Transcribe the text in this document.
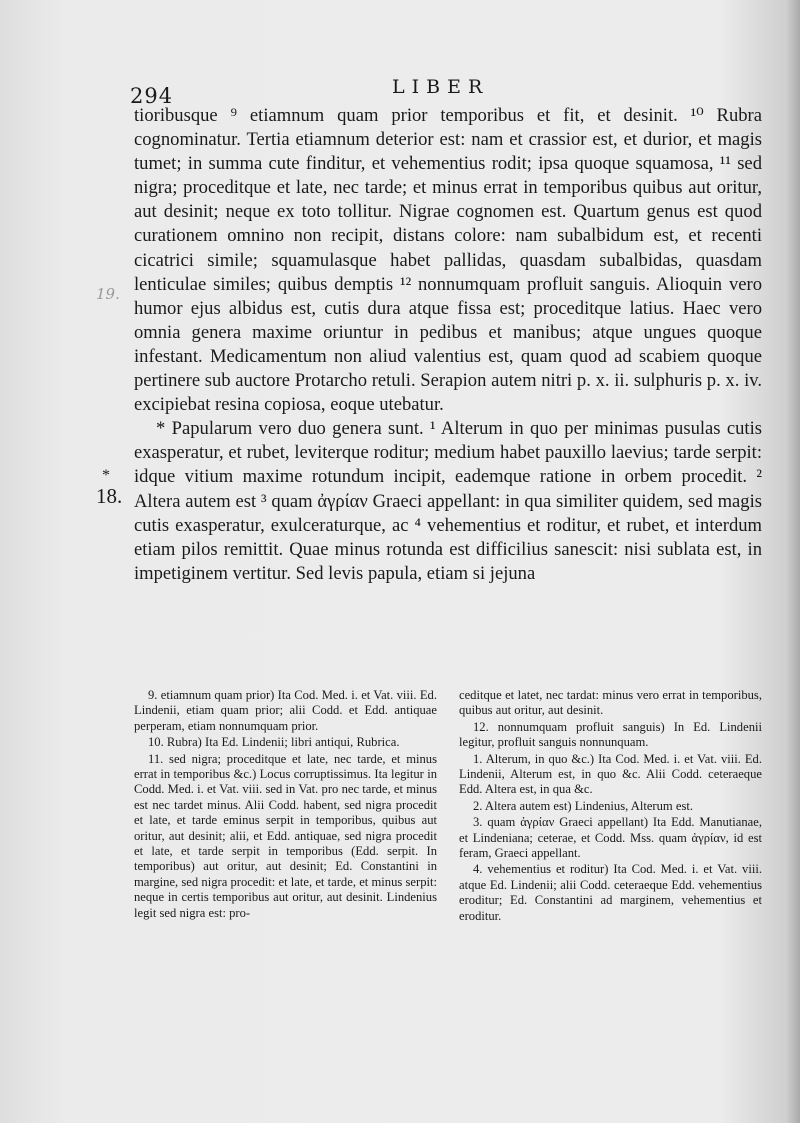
294	LIBER
19.
*
18.

tioribusque ⁹ etiamnum quam prior temporibus et fit, et desinit. ¹⁰ Rubra cognominatur. Tertia etiamnum deterior est: nam et crassior est, et durior, et magis tumet; in summa cute finditur, et vehementius rodit; ipsa quoque squamosa, ¹¹ sed nigra; proceditque et late, nec tarde; et minus errat in temporibus quibus aut oritur, aut desinit; neque ex toto tollitur. Nigrae cognomen est. Quartum genus est quod curationem omnino non recipit, distans colore: nam subalbidum est, et recenti cicatrici simile; squamulasque habet pallidas, quasdam subalbidas, quasdam lenticulae similes; quibus demptis ¹² nonnumquam profluit sanguis. Alioquin vero humor ejus albidus est, cutis dura atque fissa est; proceditque latius. Haec vero omnia genera maxime oriuntur in pedibus et manibus; atque ungues quoque infestant. Medicamentum non aliud valentius est, quam quod ad scabiem quoque pertinere sub auctore Protarcho retuli. Serapion autem nitri p. x. ii. sulphuris p. x. iv. excipiebat resina copiosa, eoque utebatur.

* Papularum vero duo genera sunt. ¹ Alterum in quo per minimas pusulas cutis exasperatur, et rubet, leviterque roditur; medium habet pauxillo laevius; tarde serpit: idque vitium maxime rotundum incipit, eademque ratione in orbem procedit. ² Altera autem est ³ quam ἀγρίαν Graeci appellant: in qua similiter quidem, sed magis cutis exasperatur, exulceraturque, ac ⁴ vehementius et roditur, et rubet, et interdum etiam pilos remittit. Quae minus rotunda est difficilius sanescit: nisi sublata est, in impetiginem vertitur. Sed levis papula, etiam si jejuna

9. etiamnum quam prior) Ita Cod. Med. i. et Vat. viii. Ed. Lindenii, etiam quam prior; alii Codd. et Edd. antiquae perperam, etiam nonnumquam prior.

10. Rubra) Ita Ed. Lindenii; libri antiqui, Rubrica.

11. sed nigra; proceditque et late, nec tarde, et minus errat in temporibus &c.) Locus corruptissimus. Ita legitur in Codd. Med. i. et Vat. viii. sed in Vat. pro nec tarde, et minus est nec tardet minus. Alii Codd. habent, sed nigra procedit et late, et tarde eminus serpit in temporibus, quibus aut oritur, aut desinit; alii, et Edd. antiquae, sed nigra procedit et late, et tarde serpit in temporibus (Edd. serpit. In temporibus) aut oritur, aut desinit; Ed. Constantini in margine, sed nigra procedit: et late, et tarde, et minus serpit: neque in certis temporibus aut oritur, aut desinit. Lindenius legit sed nigra est: pro-

ceditque et latet, nec tardat: minus vero errat in temporibus, quibus aut oritur, aut desinit.

12. nonnumquam profluit sanguis) In Ed. Lindenii legitur, profluit sanguis nonnunquam.

1. Alterum, in quo &c.) Ita Cod. Med. i. et Vat. viii. Ed. Lindenii, Alterum est, in quo &c. Alii Codd. ceteraeque Edd. Altera est, in qua &c.

2. Altera autem est) Lindenius, Alterum est.

3. quam ἀγρίαν Graeci appellant) Ita Edd. Manutianae, et Lindeniana; ceterae, et Codd. Mss. quam ἀγρίαν, id est feram, Graeci appellant.

4. vehementius et roditur) Ita Cod. Med. i. et Vat. viii. atque Ed. Lindenii; alii Codd. ceteraeque Edd. vehementius eroditur; Ed. Constantini ad marginem, vehementius et eroditur.
